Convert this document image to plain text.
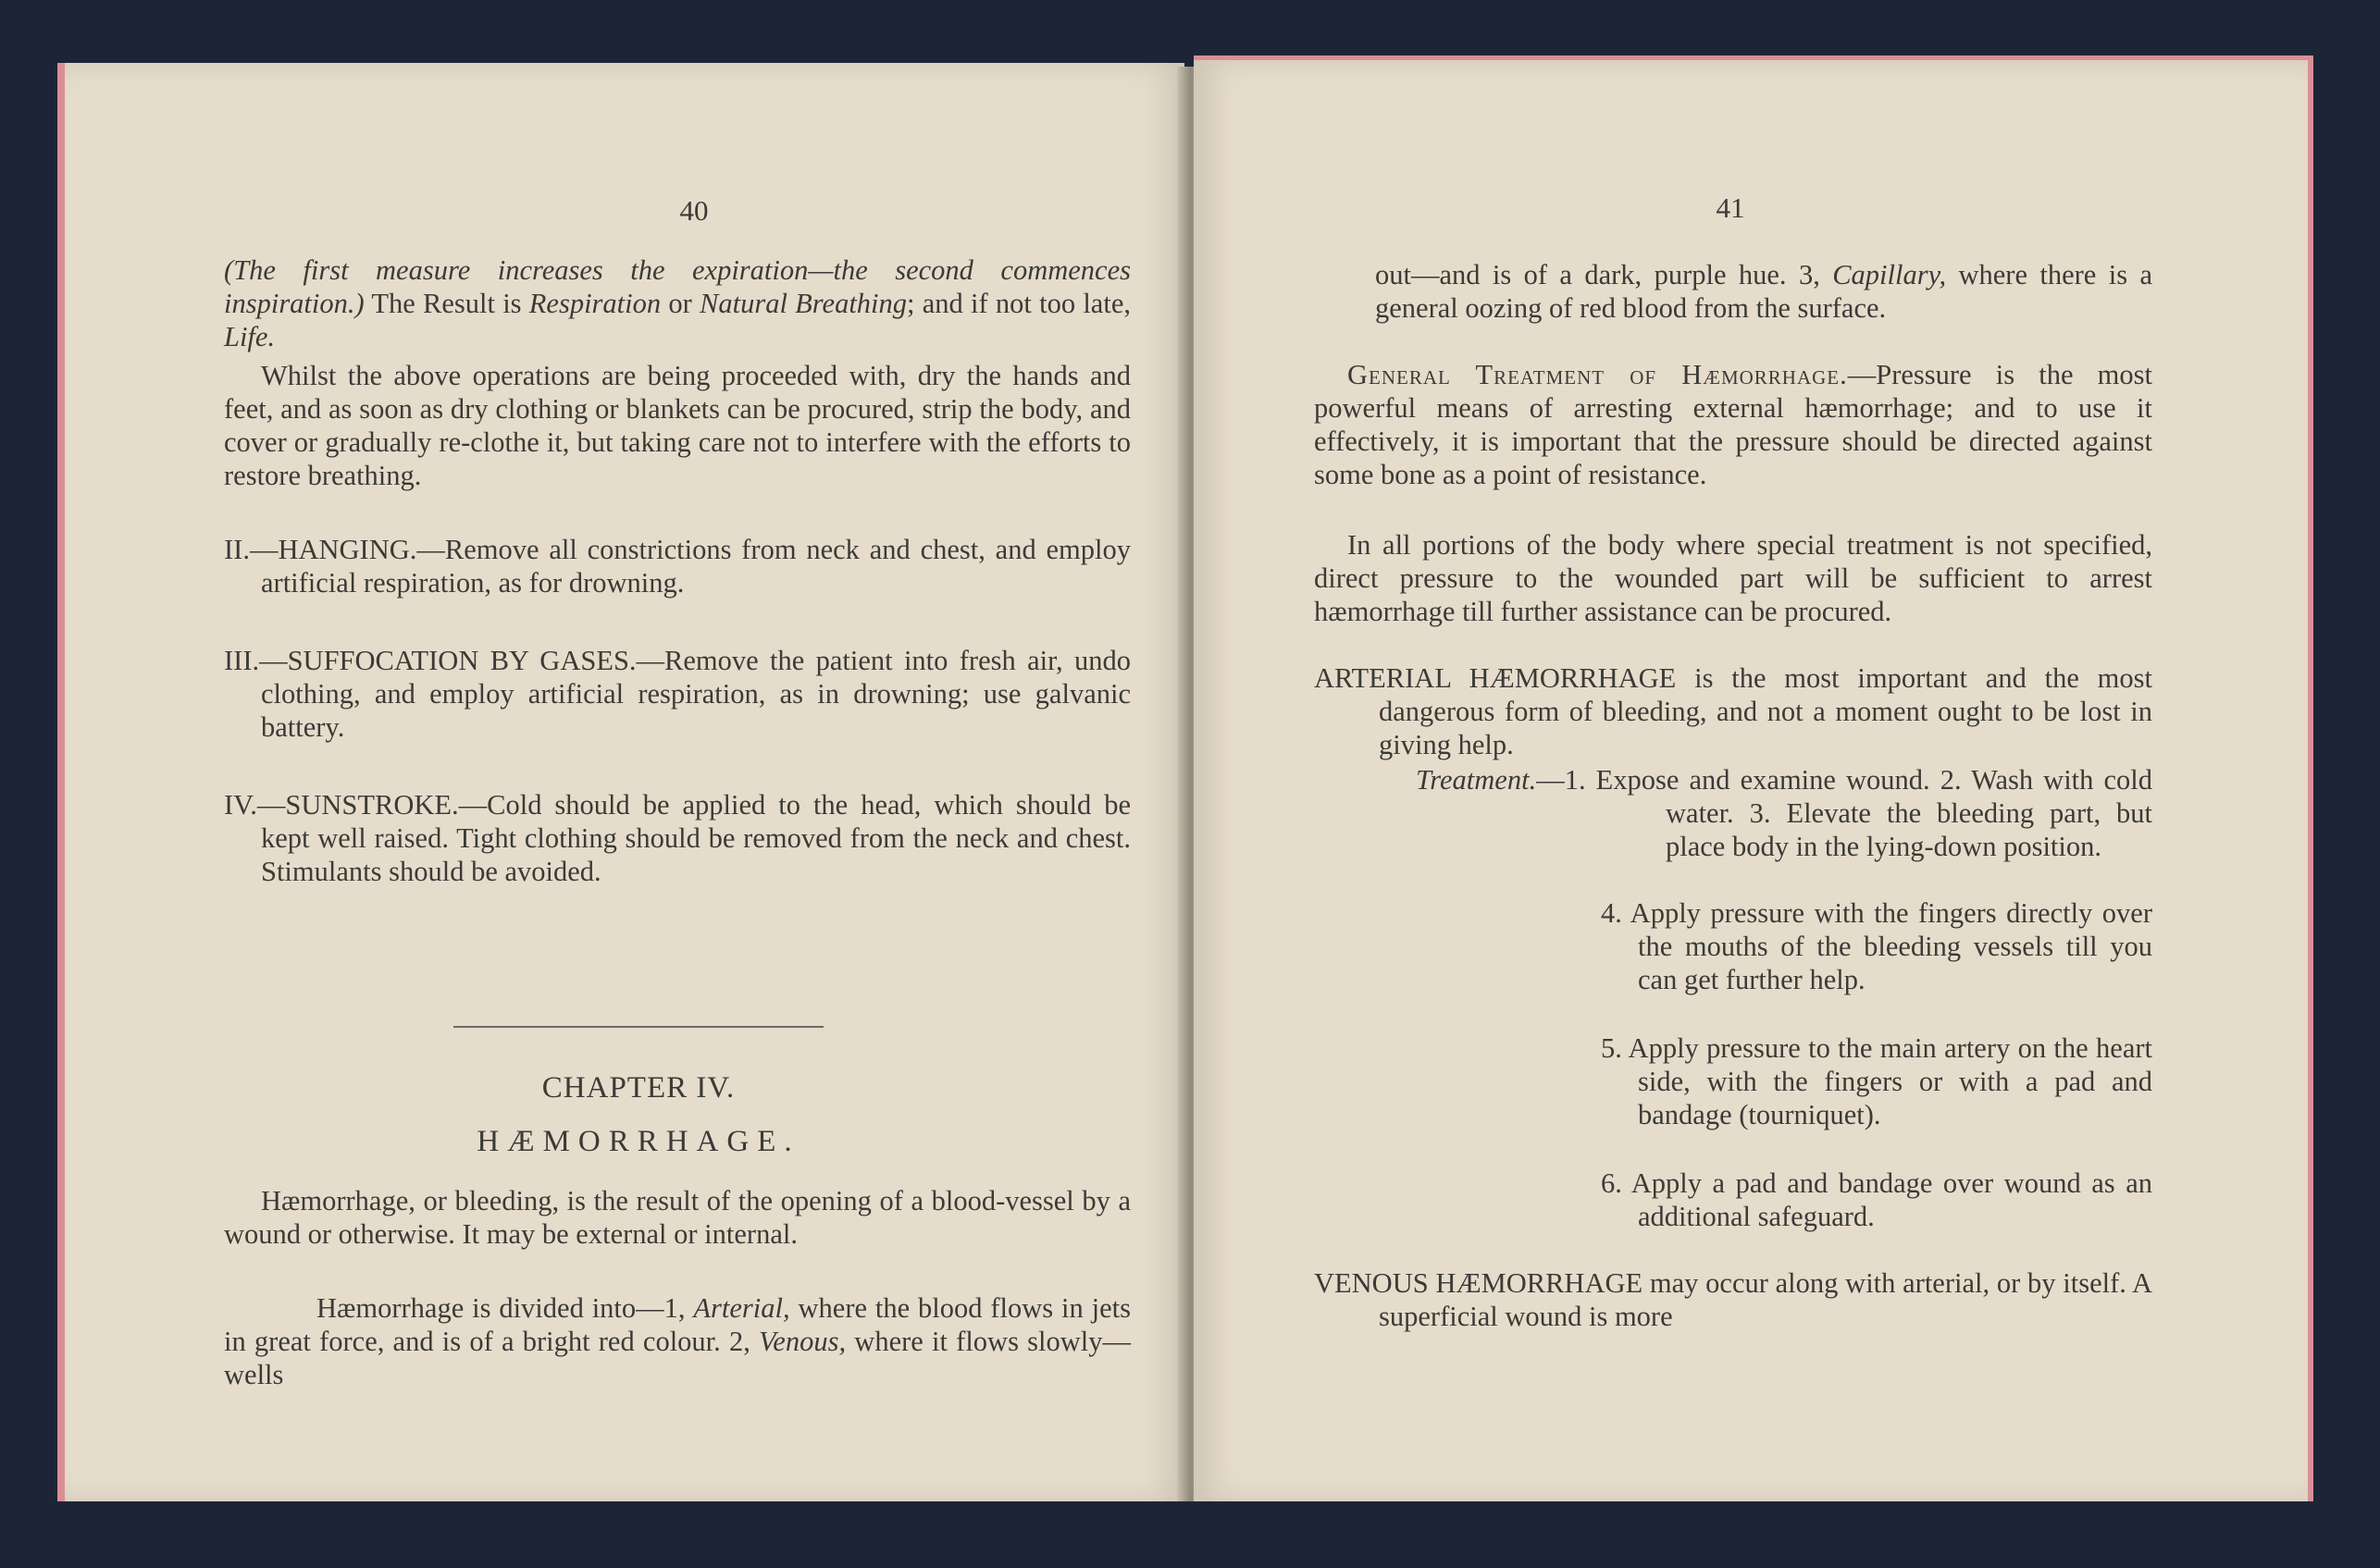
40

(The first measure increases the expiration—the second commences inspiration.) The Result is Respiration or Natural Breathing; and if not too late, Life.

Whilst the above operations are being proceeded with, dry the hands and feet, and as soon as dry clothing or blankets can be procured, strip the body, and cover or gradually re-clothe it, but taking care not to interfere with the efforts to restore breathing.

II.—HANGING.—Remove all constrictions from neck and chest, and employ artificial respiration, as for drowning.

III.—SUFFOCATION BY GASES.—Remove the patient into fresh air, undo clothing, and employ artificial respiration, as in drowning; use galvanic battery.

IV.—SUNSTROKE.—Cold should be applied to the head, which should be kept well raised. Tight clothing should be removed from the neck and chest. Stimulants should be avoided.

CHAPTER IV.
HÆMORRHAGE.

Hæmorrhage, or bleeding, is the result of the opening of a blood-vessel by a wound or otherwise. It may be external or internal.

Hæmorrhage is divided into—1, Arterial, where the blood flows in jets in great force, and is of a bright red colour. 2, Venous, where it flows slowly—wells

41

out—and is of a dark, purple hue. 3, Capillary, where there is a general oozing of red blood from the surface.

General Treatment of Hæmorrhage.—Pressure is the most powerful means of arresting external hæmorrhage; and to use it effectively, it is important that the pressure should be directed against some bone as a point of resistance.

In all portions of the body where special treatment is not specified, direct pressure to the wounded part will be sufficient to arrest hæmorrhage till further assistance can be procured.

ARTERIAL HÆMORRHAGE is the most important and the most dangerous form of bleeding, and not a moment ought to be lost in giving help.

Treatment.—1. Expose and examine wound. 2. Wash with cold water. 3. Elevate the bleeding part, but place body in the lying-down position.

4. Apply pressure with the fingers directly over the mouths of the bleeding vessels till you can get further help.

5. Apply pressure to the main artery on the heart side, with the fingers or with a pad and bandage (tourniquet).

6. Apply a pad and bandage over wound as an additional safeguard.

VENOUS HÆMORRHAGE may occur along with arterial, or by itself. A superficial wound is more
